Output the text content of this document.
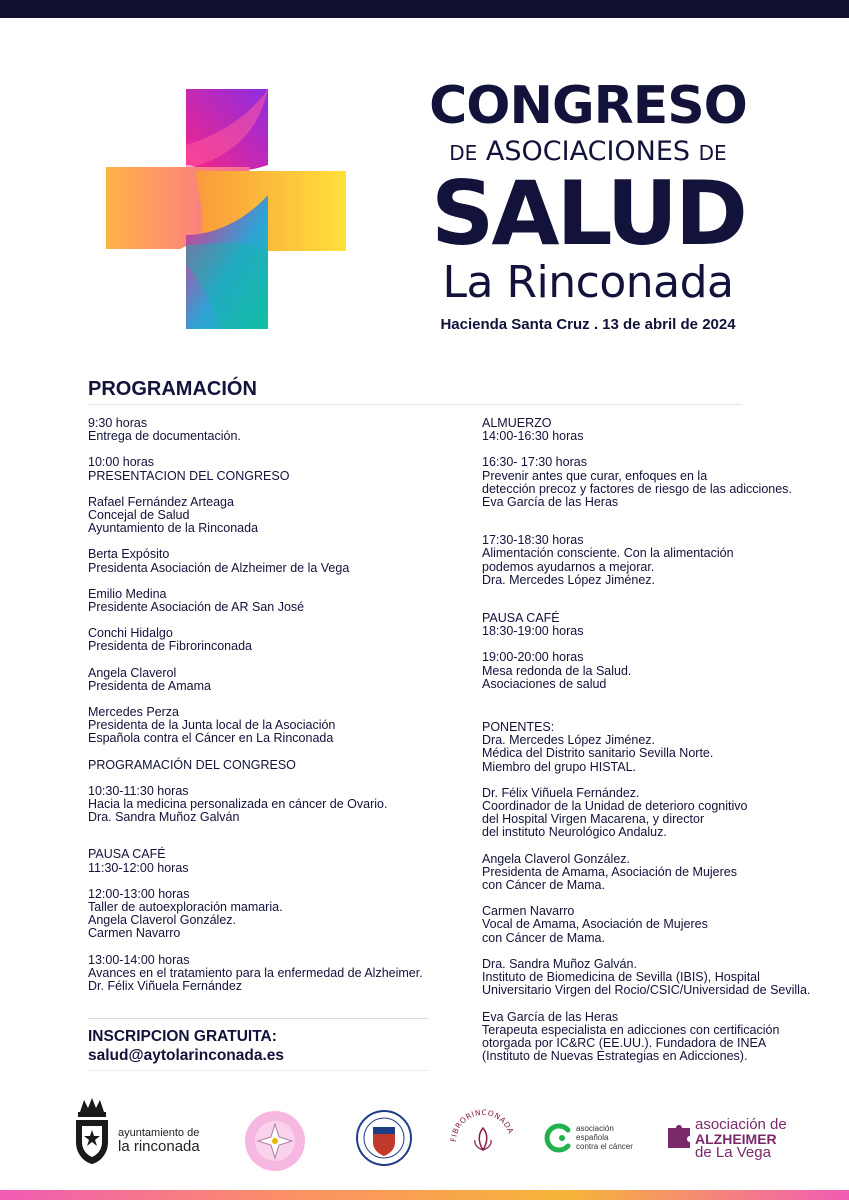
CONGRESO
DE ASOCIACIONES DE
SALUD
La Rinconada
Hacienda Santa Cruz . 13 de abril de 2024
PROGRAMACIÓN
9:30 horas
Entrega de documentación.
10:00 horas
PRESENTACION DEL CONGRESO
Rafael Fernández Arteaga
Concejal de Salud
Ayuntamiento de la Rinconada
Berta Expósito
Presidenta Asociación de Alzheimer de la Vega
Emilio Medina
Presidente Asociación de AR San José
Conchi Hidalgo
Presidenta de Fibrorinconada
Angela Claverol
Presidenta de Amama
Mercedes Perza
Presidenta de la Junta local de la Asociación
Española contra el Cáncer en La Rinconada
PROGRAMACIÓN DEL CONGRESO
10:30-11:30 horas
Hacia la medicina personalizada en cáncer de Ovario.
Dra. Sandra Muñoz Galván
PAUSA CAFÉ
11:30-12:00 horas
12:00-13:00 horas
Taller de autoexploración mamaria.
Angela Claverol González.
Carmen Navarro
13:00-14:00 horas
Avances en el tratamiento para la enfermedad de Alzheimer.
Dr. Félix Viñuela Fernández
ALMUERZO
14:00-16:30 horas
16:30- 17:30 horas
Prevenir antes que curar, enfoques en la
detección precoz y factores de riesgo de las adicciones.
Eva García de las Heras
17:30-18:30 horas
Alimentación consciente. Con la alimentación
podemos ayudarnos a mejorar.
Dra. Mercedes López Jiménez.
PAUSA CAFÉ
18:30-19:00 horas
19:00-20:00 horas
Mesa redonda de la Salud.
Asociaciones de salud
PONENTES:
Dra. Mercedes López Jiménez.
Médica del Distrito sanitario Sevilla Norte.
Miembro del grupo HISTAL.
Dr. Félix Viñuela Fernández.
Coordinador de la Unidad de deterioro cognitivo
del Hospital Virgen Macarena, y director
del instituto Neurológico Andaluz.
Angela Claverol González.
Presidenta de Amama, Asociación de Mujeres
con Cáncer de Mama.
Carmen Navarro
Vocal de Amama, Asociación de Mujeres
con Cáncer de Mama.
Dra. Sandra Muñoz Galván.
Instituto de Biomedicina de Sevilla (IBIS), Hospital
Universitario Virgen del Rocio/CSIC/Universidad de Sevilla.
Eva García de las Heras
Terapeuta especialista en adicciones con certificación
otorgada por IC&RC (EE.UU.). Fundadora de INEA
(Instituto de Nuevas Estrategias en Adicciones).
INSCRIPCION GRATUITA:
salud@aytolarinconada.es
ayuntamiento de
la rinconada	FIBRORINCONADA	asociación
española
contra el cáncer
asociación de
ALZHEIMER
de La Vega
